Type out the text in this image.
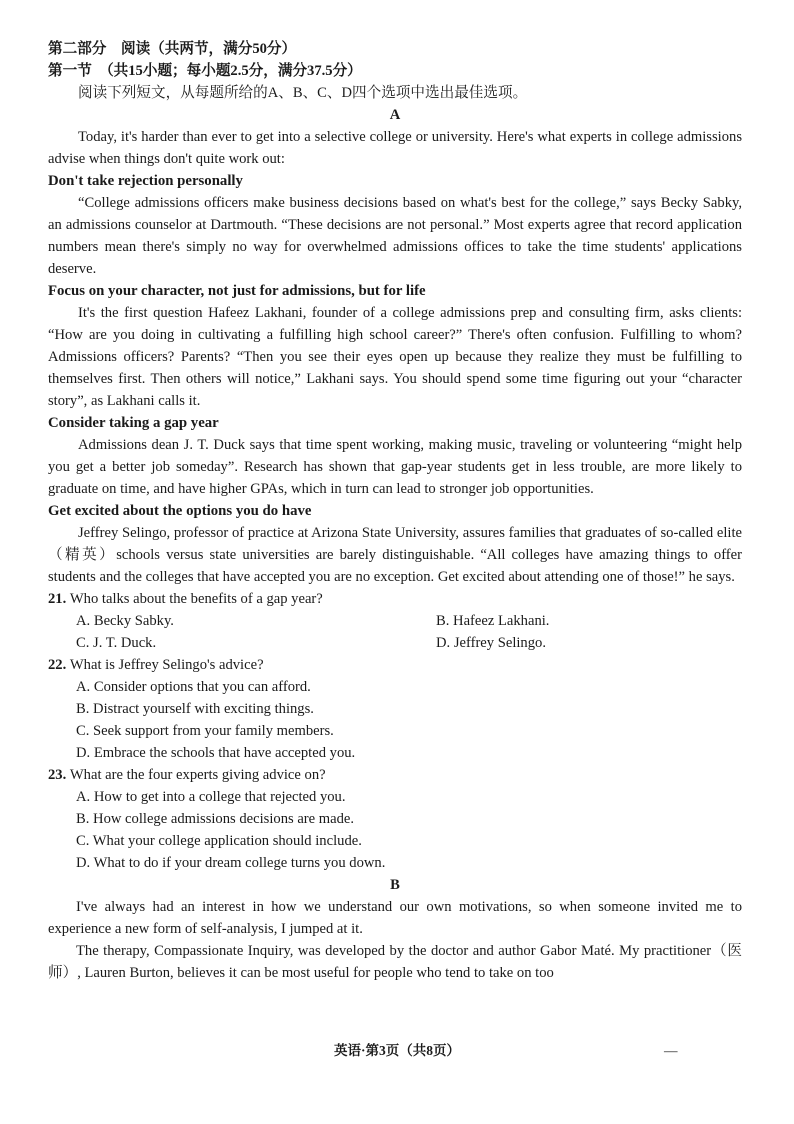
第二部分　阅读（共两节，满分50分）

第一节　（共15小题；每小题2.5分，满分37.5分）

阅读下列短文，从每题所给的A、B、C、D四个选项中选出最佳选项。

A

Today, it's harder than ever to get into a selective college or university. Here's what experts in college admissions advise when things don't quite work out:

Don't take rejection personally

“College admissions officers make business decisions based on what's best for the college,” says Becky Sabky, an admissions counselor at Dartmouth. “These decisions are not personal.” Most experts agree that record application numbers mean there's simply no way for overwhelmed admissions offices to take the time students' applications deserve.

Focus on your character, not just for admissions, but for life

It's the first question Hafeez Lakhani, founder of a college admissions prep and consulting firm, asks clients: “How are you doing in cultivating a fulfilling high school career?” There's often confusion. Fulfilling to whom? Admissions officers? Parents? “Then you see their eyes open up because they realize they must be fulfilling to themselves first. Then others will notice,” Lakhani says. You should spend some time figuring out your “character story”, as Lakhani calls it.

Consider taking a gap year

Admissions dean J. T. Duck says that time spent working, making music, traveling or volunteering “might help you get a better job someday”. Research has shown that gap-year students get in less trouble, are more likely to graduate on time, and have higher GPAs, which in turn can lead to stronger job opportunities.

Get excited about the options you do have

Jeffrey Selingo, professor of practice at Arizona State University, assures families that graduates of so-called elite（精英）schools versus state universities are barely distinguishable. “All colleges have amazing things to offer students and the colleges that have accepted you are no exception. Get excited about attending one of those!” he says.

21. Who talks about the benefits of a gap year?

A. Becky Sabky.	B. Hafeez Lakhani.
C. J. T. Duck.	D. Jeffrey Selingo.

22. What is Jeffrey Selingo's advice?

A. Consider options that you can afford.

B. Distract yourself with exciting things.

C. Seek support from your family members.

D. Embrace the schools that have accepted you.

23. What are the four experts giving advice on?

A. How to get into a college that rejected you.

B. How college admissions decisions are made.

C. What your college application should include.

D. What to do if your dream college turns you down.

B

I've always had an interest in how we understand our own motivations, so when someone invited me to experience a new form of self-analysis, I jumped at it.

The therapy, Compassionate Inquiry, was developed by the doctor and author Gabor Maté. My practitioner（医师）, Lauren Burton, believes it can be most useful for people who tend to take on too

英语·第3页（共8页）	—
